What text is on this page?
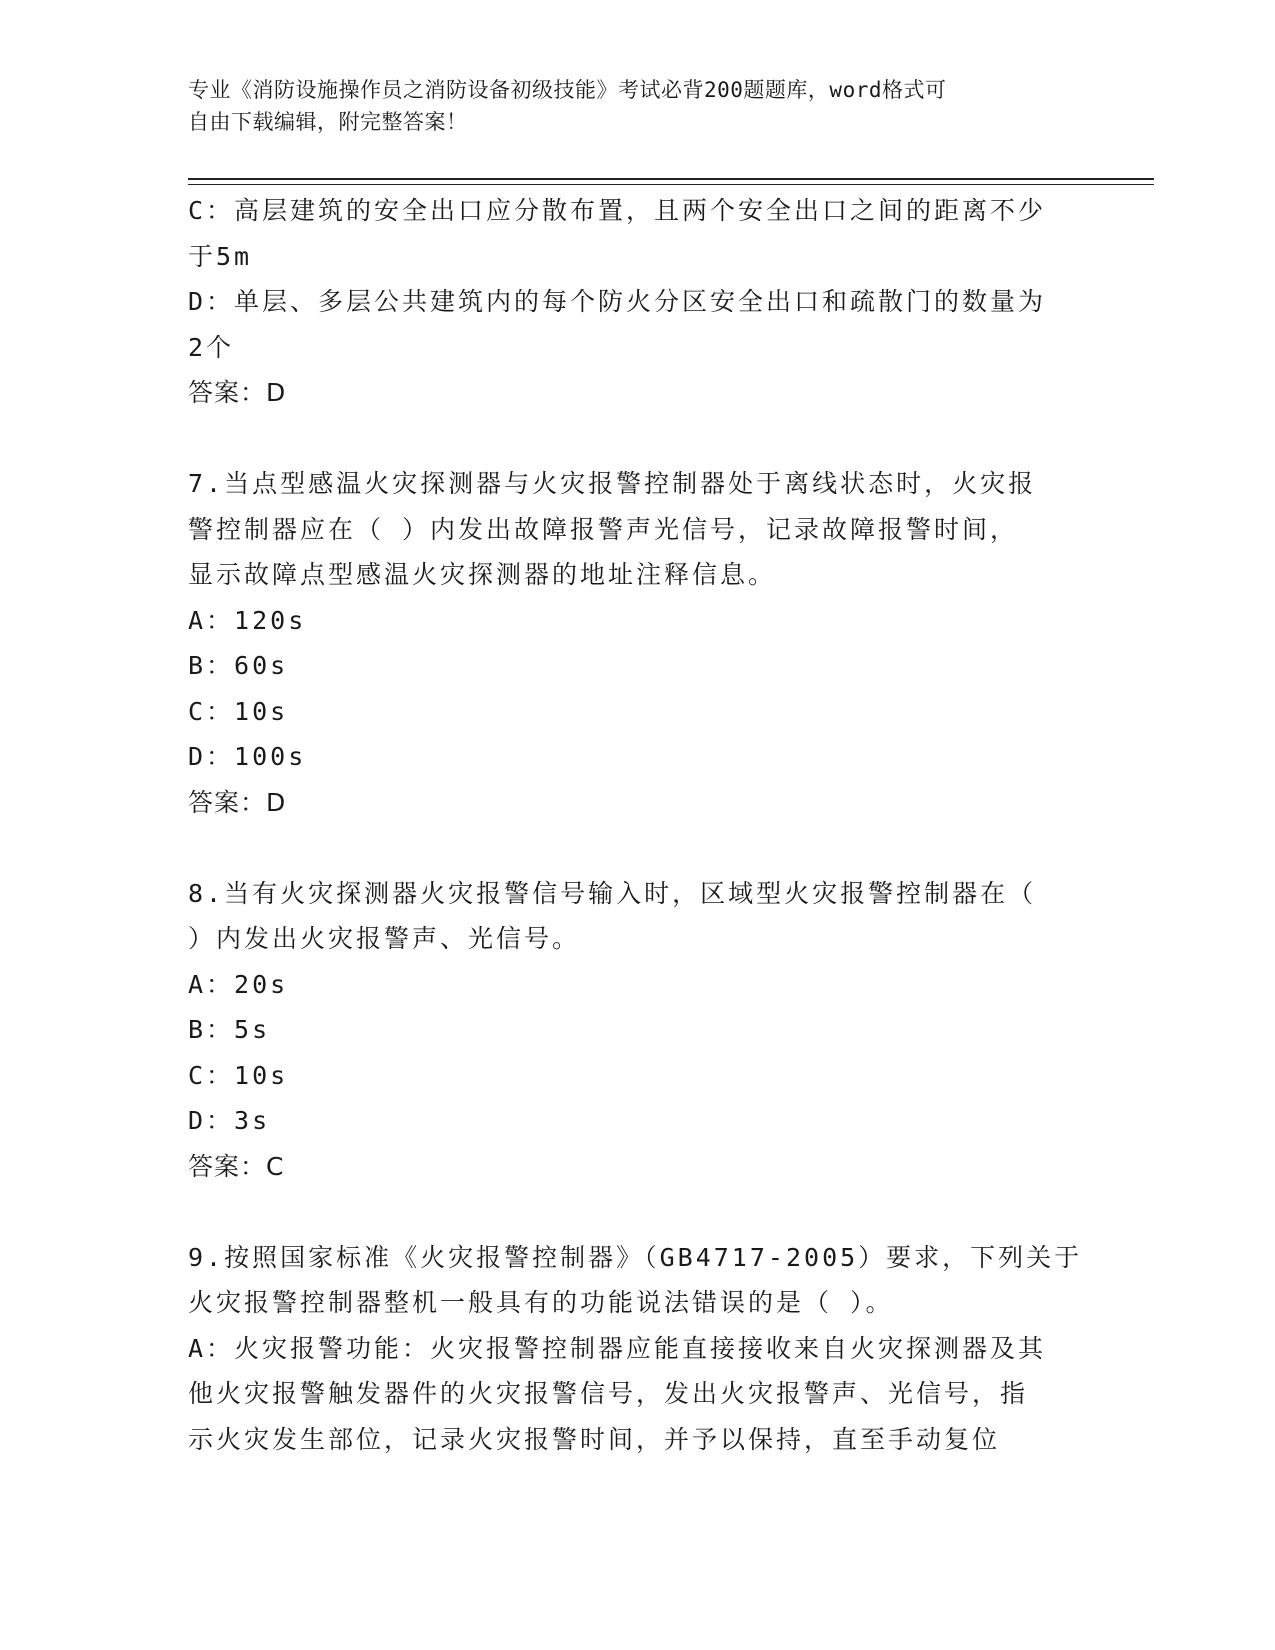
专业《消防设施操作员之消防设备初级技能》考试必背200题题库，word格式可
自由下载编辑，附完整答案！
C：高层建筑的安全出口应分散布置，且两个安全出口之间的距离不少
于5m
D：单层、多层公共建筑内的每个防火分区安全出口和疏散门的数量为
2个
答案：D
7.当点型感温火灾探测器与火灾报警控制器处于离线状态时，火灾报
警控制器应在（ ）内发出故障报警声光信号，记录故障报警时间，
显示故障点型感温火灾探测器的地址注释信息。
A：120s
B：60s
C：10s
D：100s
答案：D
8.当有火灾探测器火灾报警信号输入时，区域型火灾报警控制器在（
）内发出火灾报警声、光信号。
A：20s
B：5s
C：10s
D：3s
答案：C
9.按照国家标准《火灾报警控制器》（GB4717-2005）要求，下列关于
火灾报警控制器整机一般具有的功能说法错误的是（ ）。
A：火灾报警功能：火灾报警控制器应能直接接收来自火灾探测器及其
他火灾报警触发器件的火灾报警信号，发出火灾报警声、光信号，指
示火灾发生部位，记录火灾报警时间，并予以保持，直至手动复位
